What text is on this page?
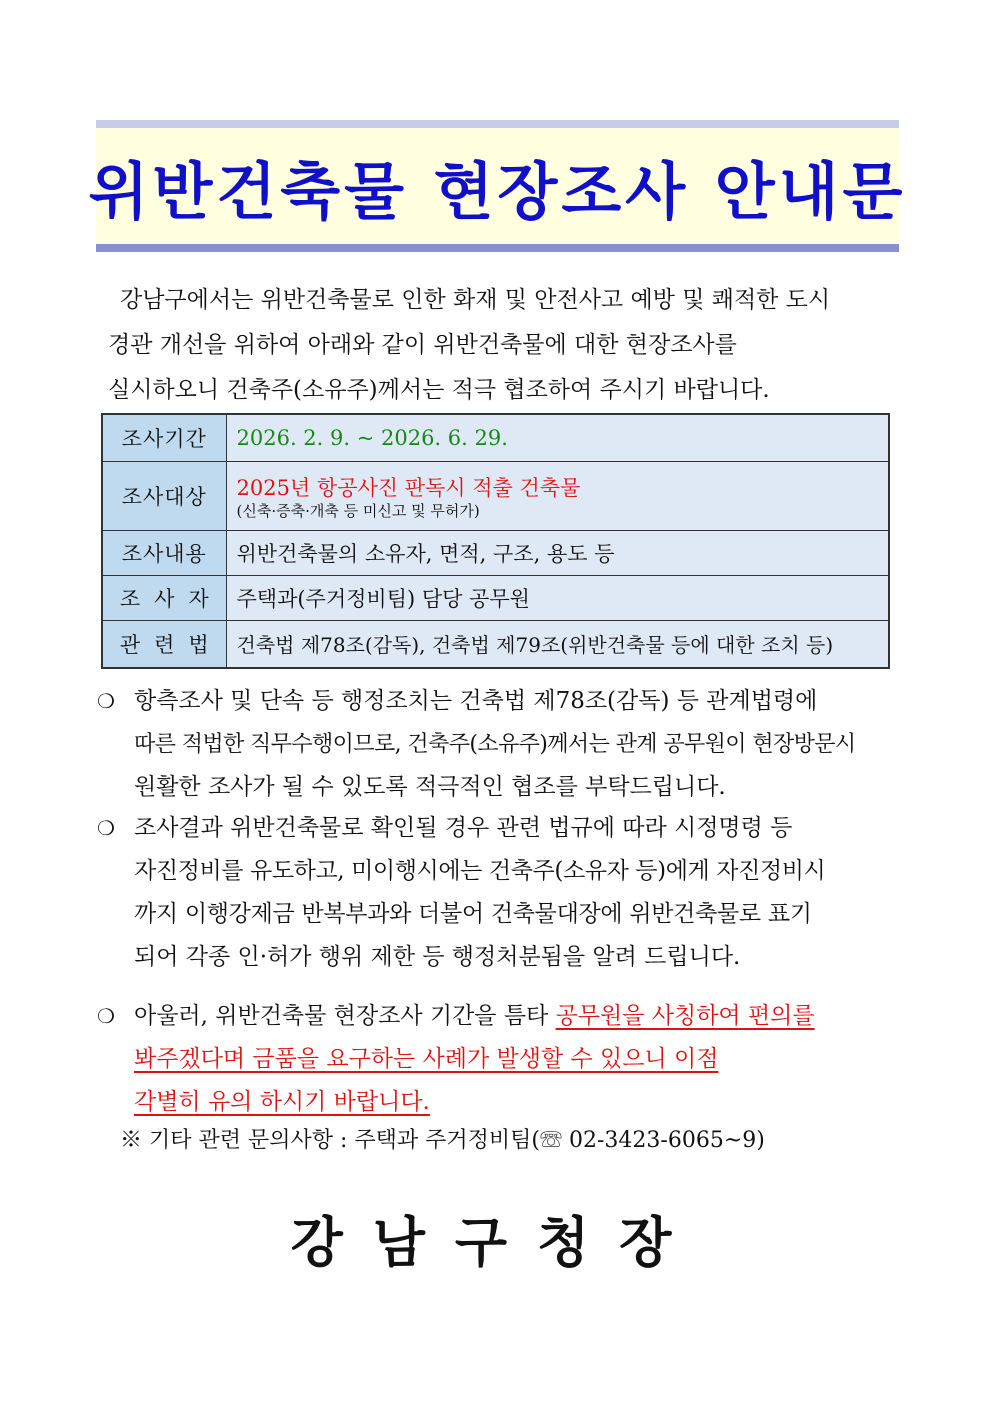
위반건축물 현장조사 안내문
강남구에서는 위반건축물로 인한 화재 및 안전사고 예방 및 쾌적한 도시
경관 개선을 위하여 아래와 같이 위반건축물에 대한 현장조사를
실시하오니 건축주(소유주)께서는 적극 협조하여 주시기 바랍니다.
조사기간	2026. 2. 9. ~ 2026. 6. 29.
조사대상	2025년 항공사진 판독시 적출 건축물
(신축·증축·개축 등 미신고 및 무허가)

조사내용	위반건축물의 소유자, 면적, 구조, 용도 등
조사자	주택과(주거정비팀) 담당 공무원
관련법	건축법 제78조(감독), 건축법 제79조(위반건축물 등에 대한 조치 등)
❍ 항측조사 및 단속 등 행정조치는 건축법 제78조(감독) 등 관계법령에
따른 적법한 직무수행이므로, 건축주(소유주)께서는 관계 공무원이 현장방문시
원활한 조사가 될 수 있도록 적극적인 협조를 부탁드립니다.
❍ 조사결과 위반건축물로 확인될 경우 관련 법규에 따라 시정명령 등
자진정비를 유도하고, 미이행시에는 건축주(소유자 등)에게 자진정비시
까지 이행강제금 반복부과와 더불어 건축물대장에 위반건축물로 표기
되어 각종 인·허가 행위 제한 등 행정처분됨을 알려 드립니다.
❍ 아울러, 위반건축물 현장조사 기간을 틈타 공무원을 사칭하여 편의를
봐주겠다며 금품을 요구하는 사례가 발생할 수 있으니 이점
각별히 유의 하시기 바랍니다.
※ 기타 관련 문의사항 : 주택과 주거정비팀(☏ 02-3423-6065~9)
강남구청장
